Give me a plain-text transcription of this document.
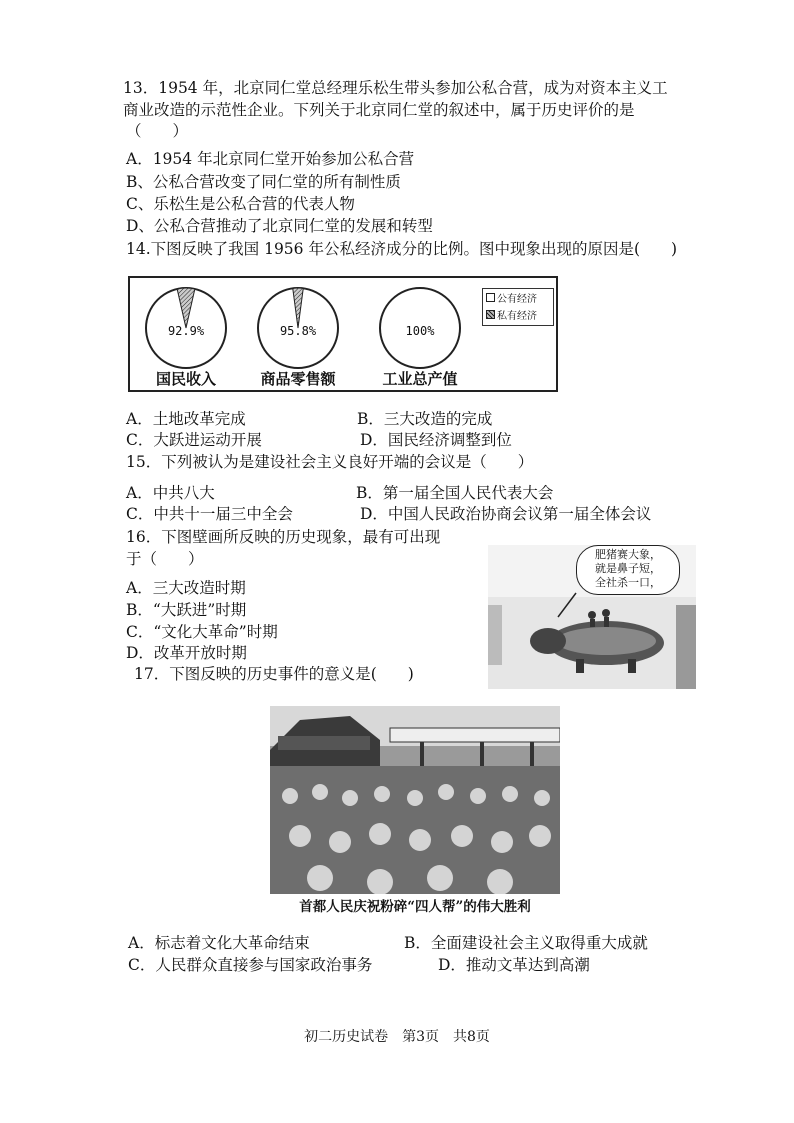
13．1954 年，北京同仁堂总经理乐松生带头参加公私合营，成为对资本主义工
商业改造的示范性企业。下列关于北京同仁堂的叙述中，属于历史评价的是
（　　）
A．1954 年北京同仁堂开始参加公私合营
B、公私合营改变了同仁堂的所有制性质
C、乐松生是公私合营的代表人物
D、公私合营推动了北京同仁堂的发展和转型
14.下图反映了我国 1956 年公私经济成分的比例。图中现象出现的原因是(　　)
92.9%	95.8%	100%
国民收入	商品零售额	工业总产值
公有经济
私有经济
A．土地改革完成	B．三大改造的完成
C．大跃进运动开展	D．国民经济调整到位
15．下列被认为是建设社会主义良好开端的会议是（　　）
A．中共八大	B．第一届全国人民代表大会
C．中共十一届三中全会	D．中国人民政治协商会议第一届全体会议
16．下图壁画所反映的历史现象，最有可出现
于（　　）
A．三大改造时期
B．“大跃进”时期
C．“文化大革命”时期
D．改革开放时期
肥猪赛大象，
就是鼻子短，
全社杀一口，
17．下图反映的历史事件的意义是(　　)
首都人民庆祝粉碎“四人帮”的伟大胜利
A．标志着文化大革命结束	B．全面建设社会主义取得重大成就
C．人民群众直接参与国家政治事务	D．推动文革达到高潮
初二历史试卷　第3页　共8页
